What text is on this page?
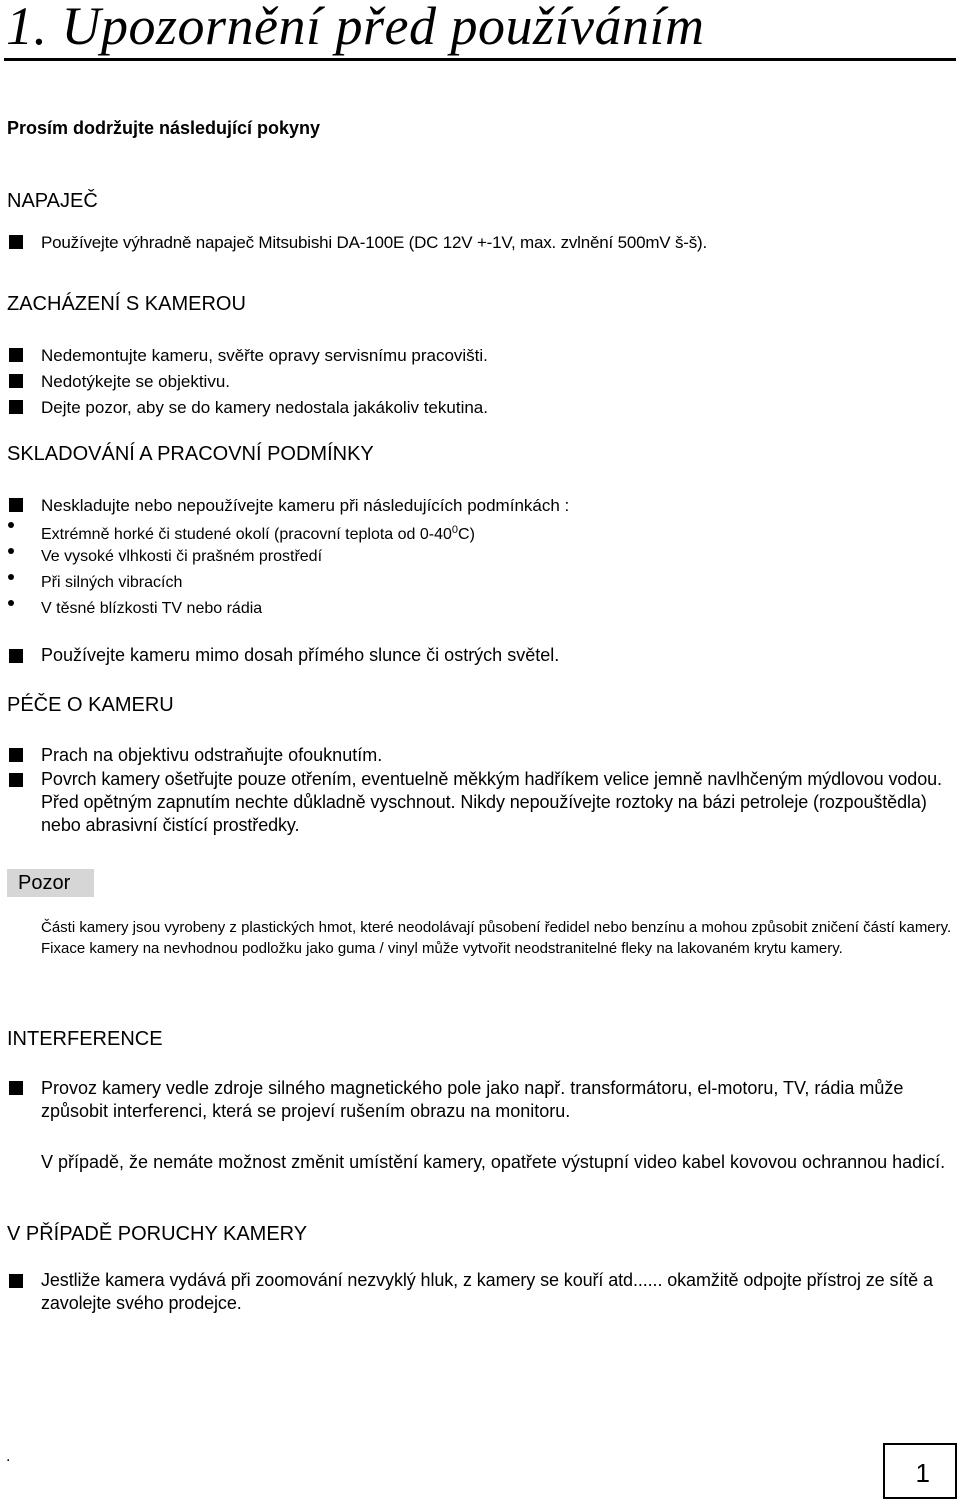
1. Upozornění před používáním
Prosím dodržujte následující pokyny
NAPAJEČ
Používejte výhradně napaječ Mitsubishi DA-100E (DC 12V +-1V, max. zvlnění 500mV š-š).
ZACHÁZENÍ S KAMEROU
Nedemontujte kameru, svěřte opravy servisnímu pracovišti.
Nedotýkejte se objektivu.
Dejte pozor, aby se do kamery nedostala jakákoliv tekutina.
SKLADOVÁNÍ A PRACOVNÍ PODMÍNKY
Neskladujte nebo nepoužívejte kameru při následujících podmínkách :
Extrémně horké či studené okolí (pracovní teplota od $0-40^0C$)
Ve vysoké vlhkosti či prašném prostředí
Při silných vibracích
V těsné blízkosti TV nebo rádia
Používejte kameru mimo dosah přímého slunce či ostrých světel.
PÉČE O KAMERU
Prach na objektivu odstraňujte ofouknutím.
Povrch kamery ošetřujte pouze otřením, eventuelně měkkým hadříkem velice jemně navlhčeným mýdlovou vodou. Před opětným zapnutím nechte důkladně vyschnout. Nikdy nepoužívejte roztoky na bázi petroleje (rozpouštědla) nebo abrasivní čistící prostředky.
Pozor
Části kamery jsou vyrobeny z plastických hmot, které neodolávají působení ředidel nebo benzínu a mohou způsobit zničení částí kamery. Fixace kamery na nevhodnou podložku jako guma / vinyl může vytvořit neodstranitelné fleky na lakovaném krytu kamery.
INTERFERENCE
Provoz kamery vedle zdroje silného magnetického pole jako např. transformátoru, el-motoru, TV, rádia může způsobit interferenci, která se projeví rušením obrazu na monitoru.
V případě, že nemáte možnost změnit umístění kamery, opatřete výstupní video kabel kovovou ochrannou hadicí.
V PŘÍPADĚ PORUCHY KAMERY
Jestliže kamera vydává při zoomování nezvyklý hluk, z kamery se kouří atd...... okamžitě odpojte přístroj ze sítě a zavolejte svého prodejce.
.
1
